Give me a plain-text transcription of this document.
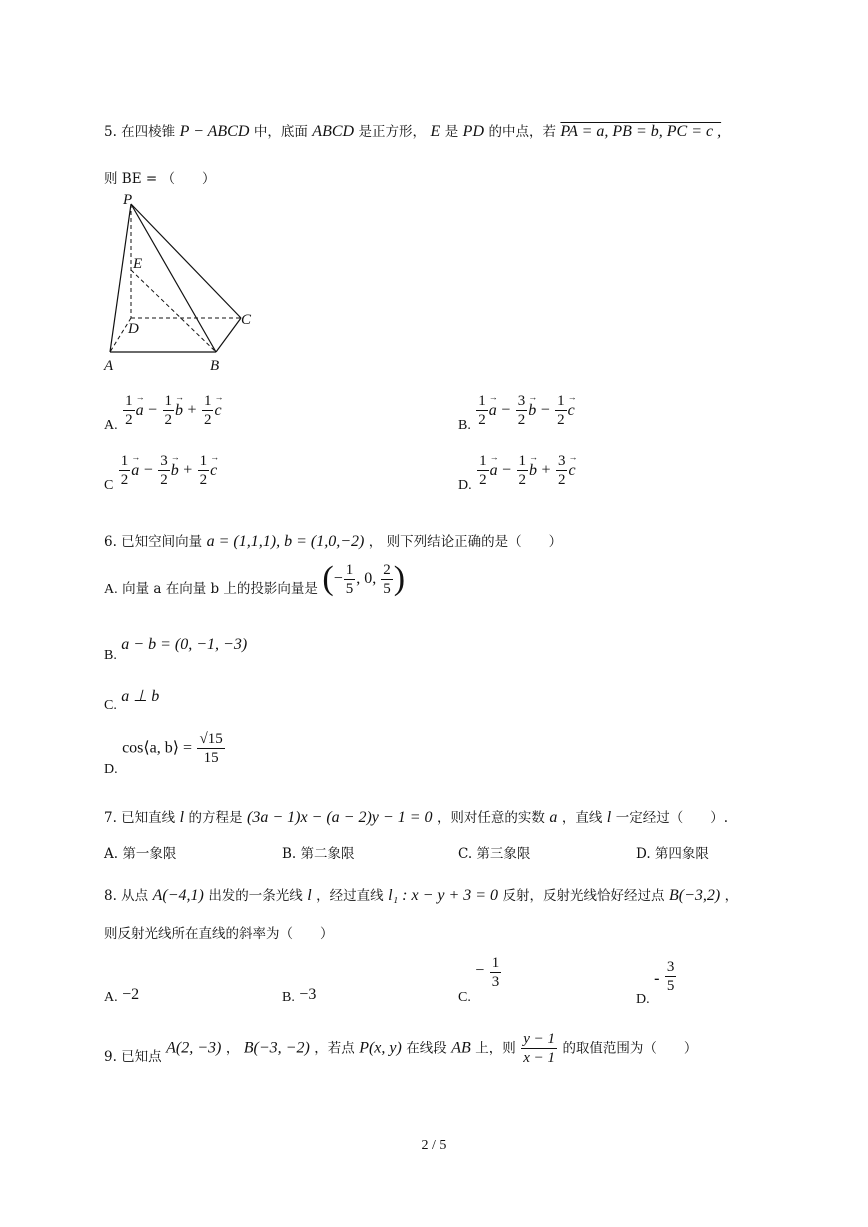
5. 在四棱锥 P − ABCD 中，底面 ABCD 是正方形， E 是 PD 的中点，若 PA = a, PB = b, PC = c ,
则 BE = （　　）
P
E
D
C
A	B
A. $\frac{1}{2} \to a - \frac{1}{2} \to b + \frac{1}{2} \to c$
B. $\frac{1}{2} \to a - \frac{3}{2} \to b - \frac{1}{2} \to c$
C $\frac{1}{2} \to a - \frac{3}{2} \to b + \frac{1}{2} \to c$
D. $\frac{1}{2} \to a - \frac{1}{2} \to b + \frac{3}{2} \to c$
6. 已知空间向量 a = (1,1,1), b = (1,0,−2) ， 则下列结论正确的是（　　）
A. 向量 a 在向量 b 上的投影向量是 (− $\frac{1}{5}$ , 0, $\frac{2}{5}$ )
B. a − b = (0, −1, −3)
C. a ⊥ b
D. cos⟨a, b⟩ = $\frac{√15}{15}$
7. 已知直线 l 的方程是 (3a − 1)x − (a − 2)y − 1 = 0 ，则对任意的实数 a ，直线 l 一定经过（　　）.
A. 第一象限	B. 第二象限	C. 第三象限	D. 第四象限
8. 从点 A(−4,1) 出发的一条光线 l ，经过直线 l₁ : x − y + 3 = 0 反射，反射光线恰好经过点 B(−3,2) ，
则反射光线所在直线的斜率为（　　）
A. −2	B. −3	C. − $\frac{1}{3}$
D. - $\frac{3}{5}$
9. 已知点 A(2, −3) ， B(−3, −2) ，若点 P(x, y) 在线段 AB 上，则 $\frac{y - 1}{x - 1}$ 的取值范围为（　　）
2 / 5
